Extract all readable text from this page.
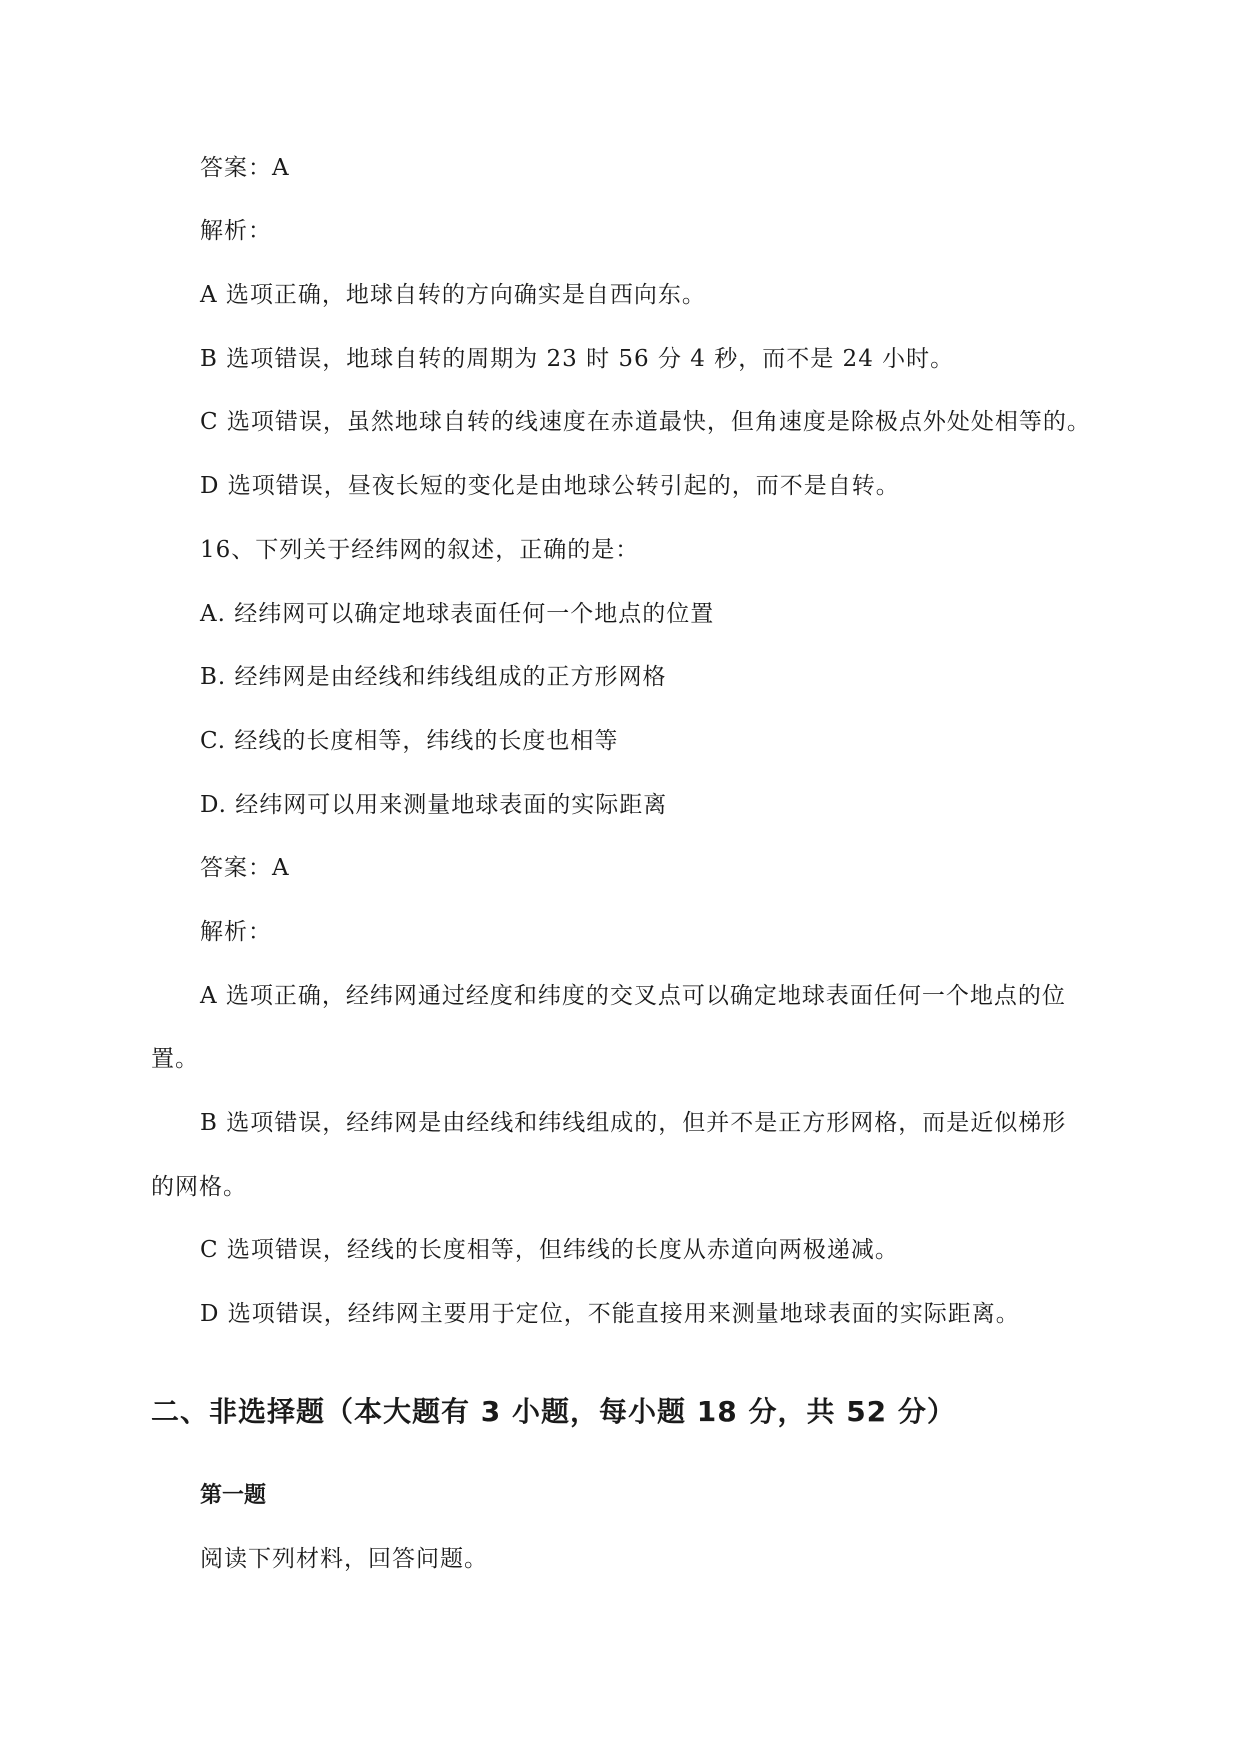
答案：A
解析：
A 选项正确，地球自转的方向确实是自西向东。
B 选项错误，地球自转的周期为 23 时 56 分 4 秒，而不是 24 小时。
C 选项错误，虽然地球自转的线速度在赤道最快，但角速度是除极点外处处相等的。
D 选项错误，昼夜长短的变化是由地球公转引起的，而不是自转。
16、下列关于经纬网的叙述，正确的是：
A. 经纬网可以确定地球表面任何一个地点的位置
B. 经纬网是由经线和纬线组成的正方形网格
C. 经线的长度相等，纬线的长度也相等
D. 经纬网可以用来测量地球表面的实际距离
答案：A
解析：
A 选项正确，经纬网通过经度和纬度的交叉点可以确定地球表面任何一个地点的位
置。
B 选项错误，经纬网是由经线和纬线组成的，但并不是正方形网格，而是近似梯形
的网格。
C 选项错误，经线的长度相等，但纬线的长度从赤道向两极递减。
D 选项错误，经纬网主要用于定位，不能直接用来测量地球表面的实际距离。
二、非选择题（本大题有 3 小题，每小题 18 分，共 52 分）
第一题
阅读下列材料，回答问题。
